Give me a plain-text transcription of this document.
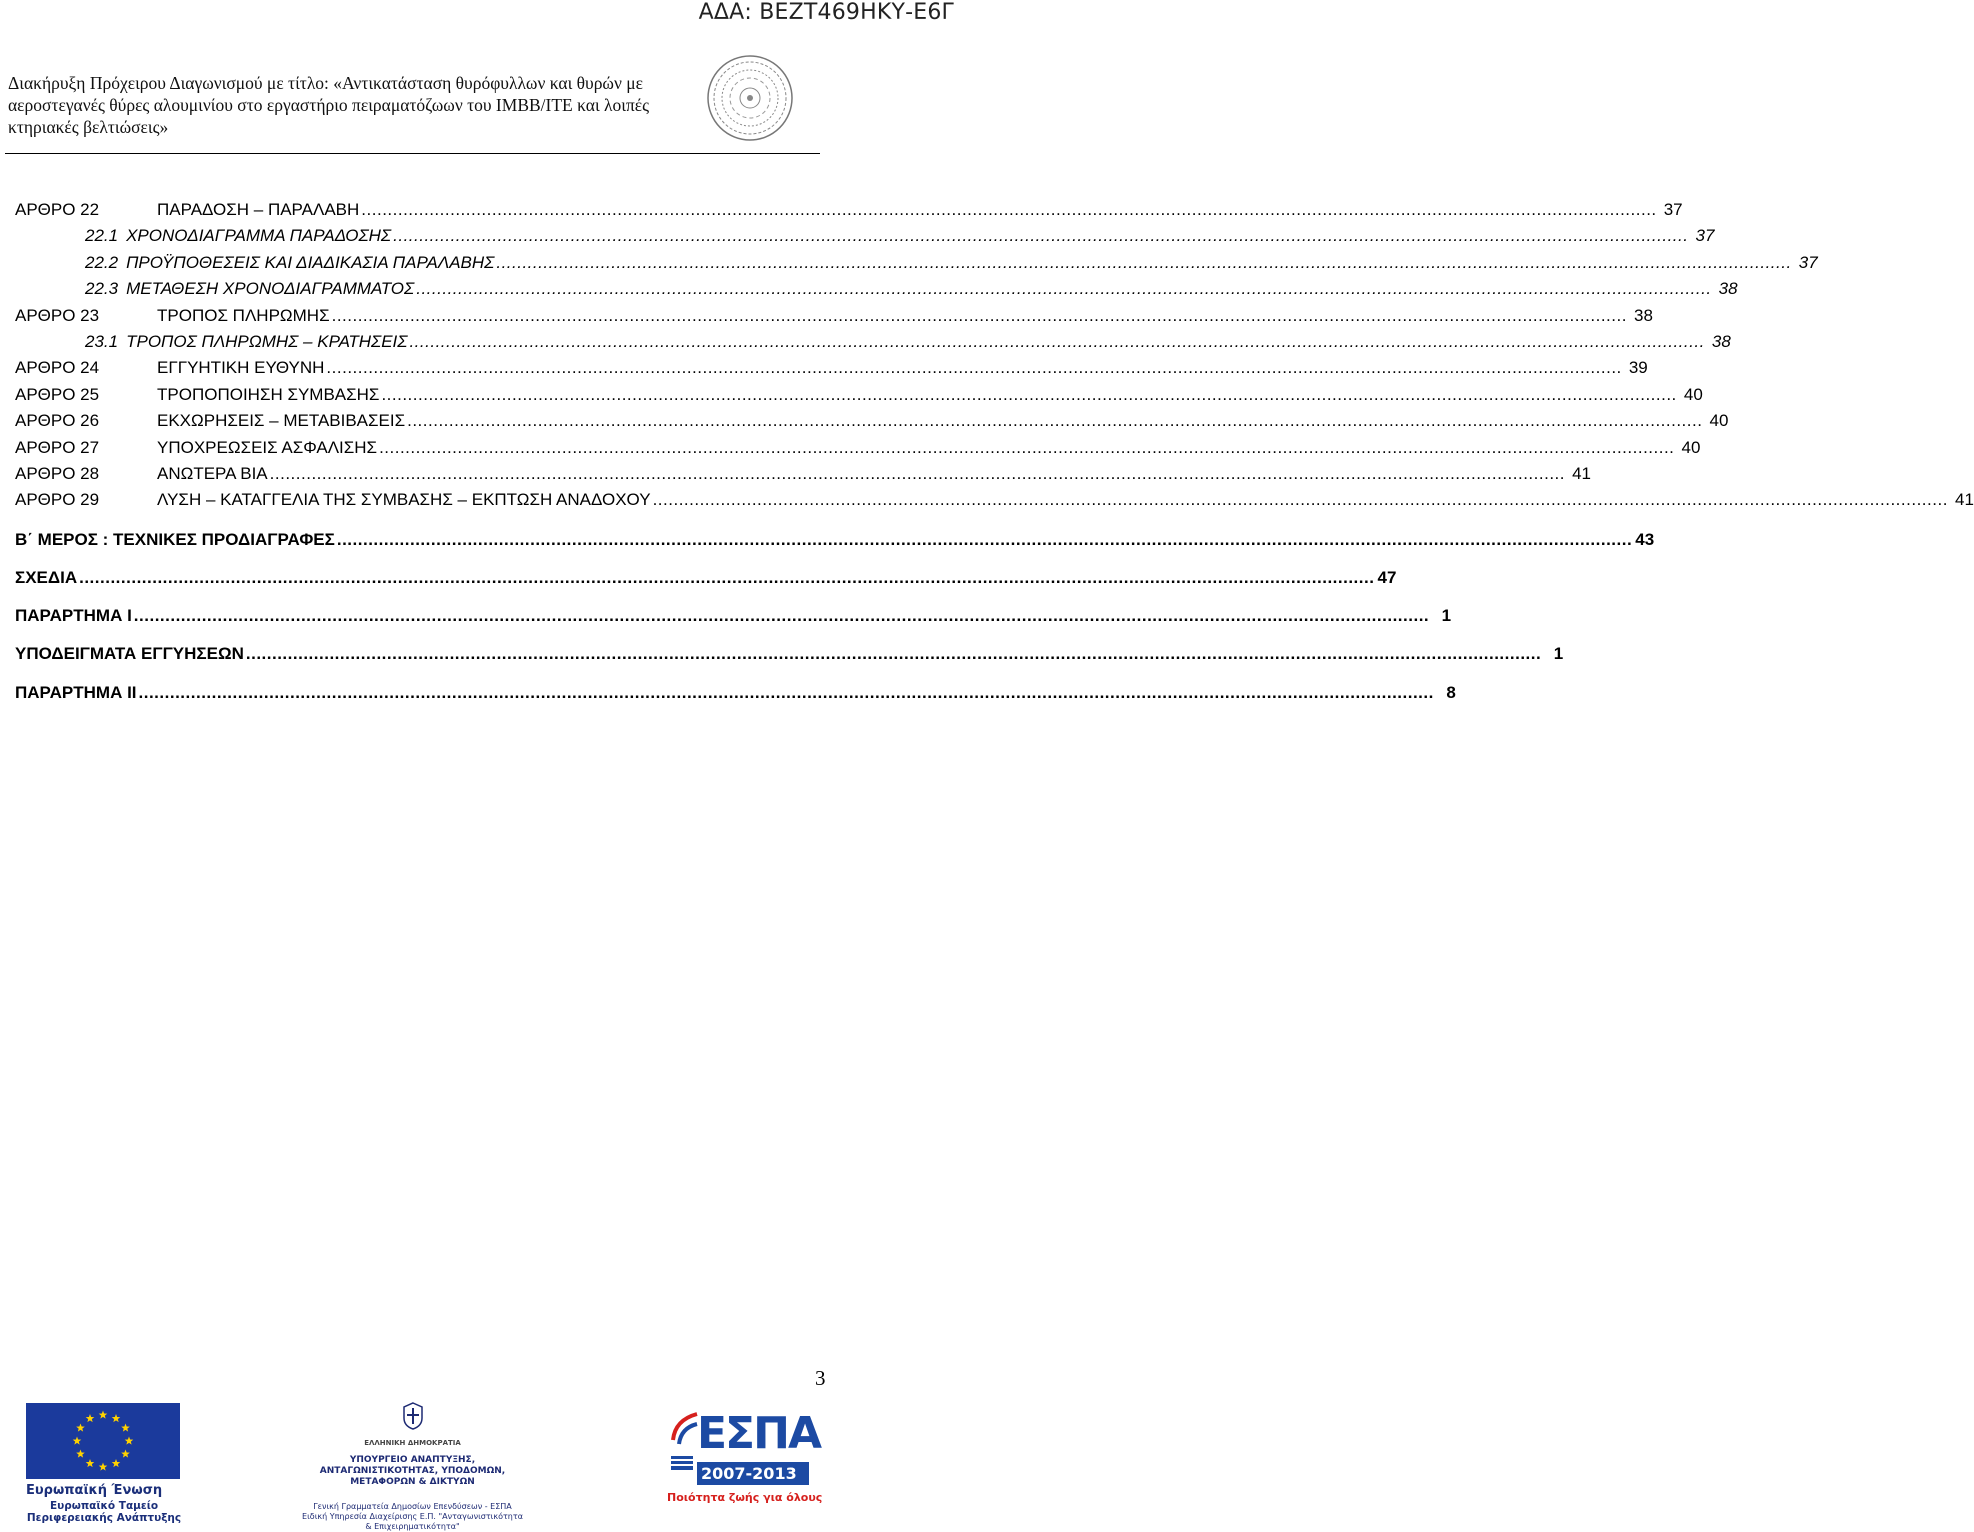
ΑΔΑ: ΒΕΖΤ469ΗΚΥ-Ε6Γ
Διακήρυξη Πρόχειρου Διαγωνισμού με τίτλο: «Αντικατάσταση θυρόφυλλων και θυρών με αεροστεγανές θύρες αλουμινίου στο εργαστήριο πειραματόζωων του ΙΜΒΒ/ΙΤΕ και λοιπές κτηριακές βελτιώσεις»
ΑΡΘΡΟ 22	ΠΑΡΑΔΟΣΗ – ΠΑΡΑΛΑΒΗ .....	37
22.1 ΧΡΟΝΟΔΙΑΓΡΑΜΜΑ ΠΑΡΑΔΟΣΗΣ .....	37
22.2 ΠΡΟΫΠΟΘΕΣΕΙΣ ΚΑΙ ΔΙΑΔΙΚΑΣΙΑ ΠΑΡΑΛΑΒΗΣ .....	37
22.3 ΜΕΤΑΘΕΣΗ ΧΡΟΝΟΔΙΑΓΡΑΜΜΑΤΟΣ .....	38
ΑΡΘΡΟ 23	ΤΡΟΠΟΣ ΠΛΗΡΩΜΗΣ .....	38
23.1 ΤΡΟΠΟΣ ΠΛΗΡΩΜΗΣ – ΚΡΑΤΗΣΕΙΣ .....	38
ΑΡΘΡΟ 24	ΕΓΓΥΗΤΙΚΗ ΕΥΘΥΝΗ .....	39
ΑΡΘΡΟ 25	ΤΡΟΠΟΠΟΙΗΣΗ ΣΥΜΒΑΣΗΣ .....	40
ΑΡΘΡΟ 26	ΕΚΧΩΡΗΣΕΙΣ – ΜΕΤΑΒΙΒΑΣΕΙΣ .....	40
ΑΡΘΡΟ 27	ΥΠΟΧΡΕΩΣΕΙΣ ΑΣΦΑΛΙΣΗΣ .....	40
ΑΡΘΡΟ 28	ΑΝΩΤΕΡΑ ΒΙΑ .....	41
ΑΡΘΡΟ 29	ΛΥΣΗ – ΚΑΤΑΓΓΕΛΙΑ ΤΗΣ ΣΥΜΒΑΣΗΣ – ΕΚΠΤΩΣΗ ΑΝΑΔΟΧΟΥ .....	41
Β΄ ΜΕΡΟΣ : ΤΕΧΝΙΚΕΣ ΠΡΟΔΙΑΓΡΑΦΕΣ .....	43
ΣΧΕΔΙΑ .....	47
ΠΑΡΑΡΤΗΜΑ Ι .....	1
ΥΠΟΔΕΙΓΜΑΤΑ ΕΓΓΥΗΣΕΩΝ .....	1
ΠΑΡΑΡΤΗΜΑ ΙΙ .....	8
3
Ευρωπαϊκή Ένωση
Ευρωπαϊκό Ταμείο
Περιφερειακής Ανάπτυξης
ΕΛΛΗΝΙΚΗ ΔΗΜΟΚΡΑΤΙΑ
ΥΠΟΥΡΓΕΙΟ ΑΝΑΠΤΥΞΗΣ, ΑΝΤΑΓΩΝΙΣΤΙΚΟΤΗΤΑΣ, ΥΠΟΔΟΜΩΝ, ΜΕΤΑΦΟΡΩΝ & ΔΙΚΤΥΩΝ
Γενική Γραμματεία Δημοσίων Επενδύσεων - ΕΣΠΑ
Ειδική Υπηρεσία Διαχείρισης Ε.Π. "Ανταγωνιστικότητα & Επιχειρηματικότητα"
ΕΣΠΑ
2007-2013
Ποιότητα ζωής για όλους
